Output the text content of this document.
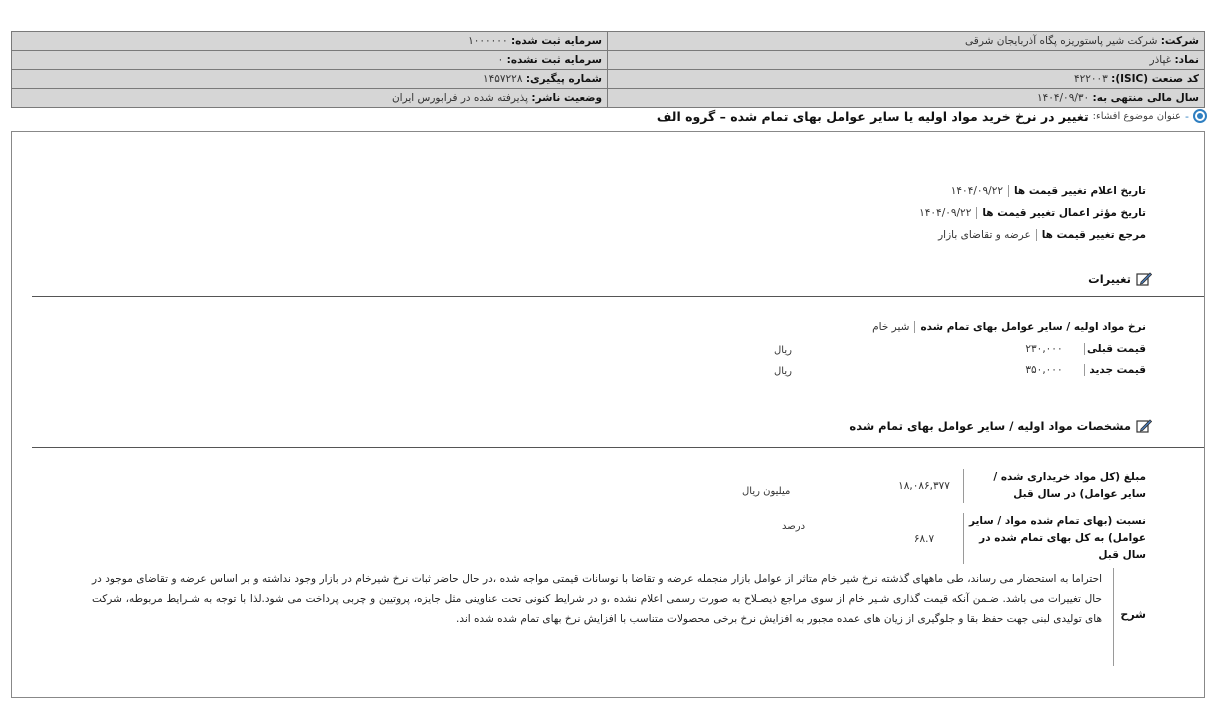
شرکت: شرکت شیر پاستوریزه پگاه آذربایجان شرقی	سرمایه ثبت شده: ۱۰۰۰۰۰۰
نماد: غپاذر	سرمایه ثبت نشده: ۰
کد صنعت (ISIC): ۴۲۲۰۰۳	شماره پیگیری: ۱۴۵۷۲۲۸
سال مالی منتهی به: ۱۴۰۴/۰۹/۳۰	وضعیت ناشر: پذیرفته شده در فرابورس ایران
-
عنوان موضوع افشاء:
تغییر در نرخ خرید مواد اولیه یا سایر عوامل بهای تمام شده – گروه الف
تاریخ اعلام تغییر قیمت ها
۱۴۰۴/۰۹/۲۲
تاریخ مؤثر اعمال تغییر قیمت ها
۱۴۰۴/۰۹/۲۲
مرجع تغییر قیمت ها
عرضه و تقاضای بازار
تغییرات
نرخ مواد اولیه / سایر عوامل بهای تمام شده
شیر خام
قیمت قبلی
۲۳۰,۰۰۰
ریال
قیمت جدید
۳۵۰,۰۰۰
ریال
مشخصات مواد اولیه / سایر عوامل بهای تمام شده
مبلغ (کل مواد خریداری شده / سایر عوامل) در سال قبل
۱۸,۰۸۶,۳۷۷
میلیون ریال
نسبت (بهای تمام شده مواد / سایر عوامل) به کل بهای تمام شده در سال قبل
۶۸.۷
درصد
شرح
احتراما به استحضار می رساند، طی ماههای گذشته نرخ شیر خام متاثر از عوامل بازار منجمله عرضه و تقاضا با نوسانات قیمتی مواجه شده ،در حال حاضر ثبات نرخ شیرخام در بازار وجود نداشته و بر اساس عرضه و تقاضای موجود در حال تغییرات می باشد. ضـمن آنکه قیمت گذاری شـیر خام از سوی مراجع ذیصـلاح به صورت رسمی اعلام نشده ،و در شرایط کنونی تحت عناوینی مثل جایزه، پروتیین و چربی پرداخت می شود.لذا با توجه به شـرایط مربوطه، شرکت های تولیدی لبنی جهت حفظ بقا و جلوگیری از زیان های عمده مجبور به افزایش نرخ برخی محصولات متناسب با افزایش نرخ بهای تمام شده شده اند.
